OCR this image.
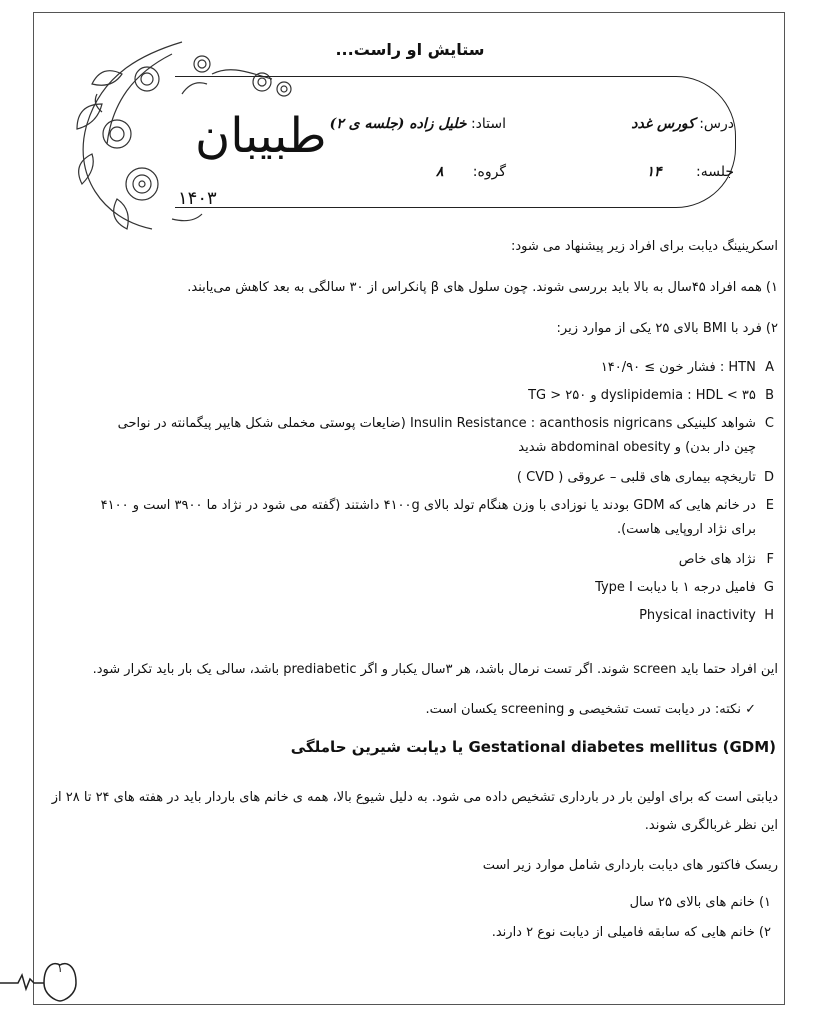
طبیبان
۱۴۰۳
ستایش او راست...
درس: کورس غدد
استاد: خلیل زاده (جلسه ی ۲)
جلسه: ۱۴
گروه: ۸
اسکرینینگ دیابت برای افراد زیر پیشنهاد می شود:
۱) همه افراد ۴۵سال به بالا باید بررسی شوند. چون سلول های β پانکراس از ۳۰ سالگی به بعد کاهش می‌یابند.
۲) فرد با BMI بالای ۲۵ یکی از موارد زیر:
A HTN : فشار خون ≥ ۱۴۰/۹۰
B dyslipidemia : HDL < ۳۵ و TG > ۲۵۰
C شواهد کلینیکی Insulin Resistance : acanthosis nigricans (ضایعات پوستی مخملی شکل هایپر پیگمانته در نواحی
چین دار بدن) و abdominal obesity شدید
D تاریخچه بیماری های قلبی – عروقی ( CVD )
E در خانم هایی که GDM بودند یا نوزادی با وزن هنگام تولد بالای ۴۱۰۰g داشتند (گفته می شود در نژاد ما ۳۹۰۰ است و ۴۱۰۰
برای نژاد اروپایی هاست).
F نژاد های خاص
G فامیل درجه ۱ با دیابت Type I
H Physical inactivity
این افراد حتما باید screen شوند. اگر تست نرمال باشد، هر ۳سال یکبار و اگر prediabetic باشد، سالی یک بار باید تکرار شود.
✓ نکته: در دیابت تست تشخیصی و screening یکسان است.
Gestational diabetes mellitus (GDM) یا دیابت شیرین حاملگی
دیابتی است که برای اولین بار در بارداری تشخیص داده می شود. به دلیل شیوع بالا، همه ی خانم های باردار باید در هفته های ۲۴ تا ۲۸ از
این نظر غربالگری شوند.
ریسک فاکتور های دیابت بارداری شامل موارد زیر است
۱) خانم های بالای ۲۵ سال
۲) خانم هایی که سابقه فامیلی از دیابت نوع ۲ دارند.
۱
